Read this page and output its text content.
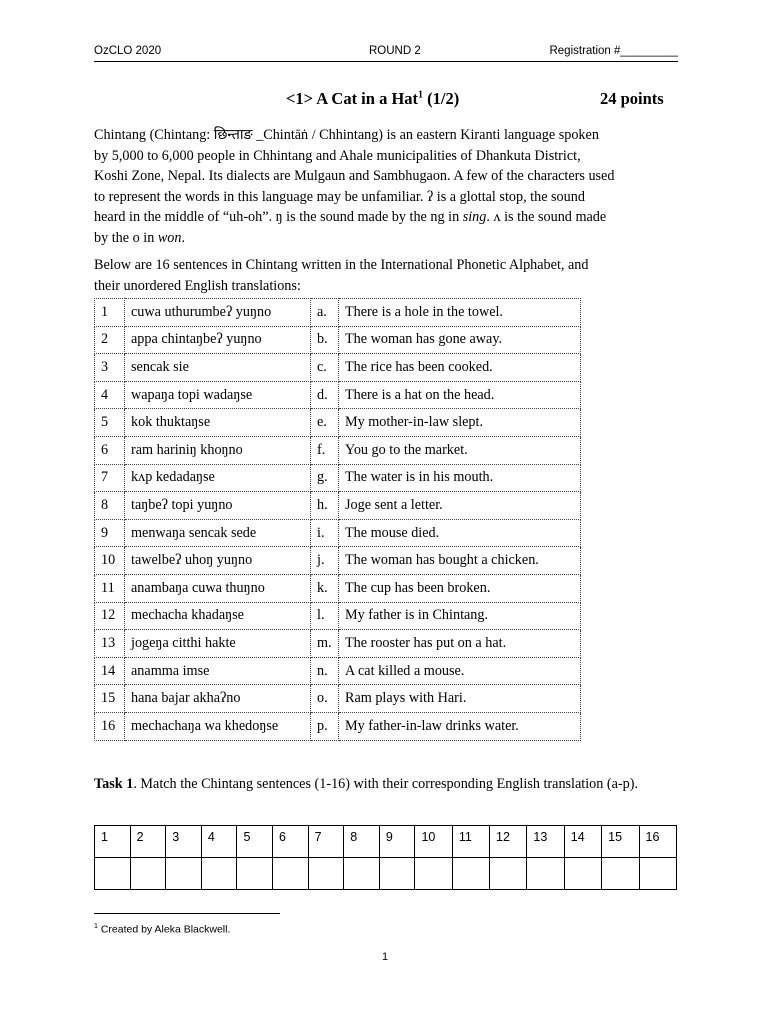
OzCLO 2020	ROUND 2	Registration #_________
<1> A Cat in a Hat$^1$ (1/2)	24 points
Chintang (Chintang: छिन्ताङ _Chintāṅ / Chhintang) is an eastern Kiranti language spoken
by 5,000 to 6,000 people in Chhintang and Ahale municipalities of Dhankuta District,
Koshi Zone, Nepal. Its dialects are Mulgaun and Sambhugaon. A few of the characters used
to represent the words in this language may be unfamiliar. ʔ is a glottal stop, the sound
heard in the middle of “uh-oh”. ŋ is the sound made by the ng in sing. ʌ is the sound made
by the o in won.
Below are 16 sentences in Chintang written in the International Phonetic Alphabet, and
their unordered English translations:
1	cuwa uthurumbeʔ yuŋno	a.	There is a hole in the towel.
2	appa chintaŋbeʔ yuŋno	b.	The woman has gone away.
3	sencak sie	c.	The rice has been cooked.
4	wapaŋa topi wadaŋse	d.	There is a hat on the head.
5	kok thuktaŋse	e.	My mother-in-law slept.
6	ram hariniŋ khoŋno	f.	You go to the market.
7	kʌp kedadaŋse	g.	The water is in his mouth.
8	taŋbeʔ topi yuŋno	h.	Joge sent a letter.
9	menwaŋa sencak sede	i.	The mouse died.
10	tawelbeʔ uhoŋ yuŋno	j.	The woman has bought a chicken.
11	anambaŋa cuwa thuŋno	k.	The cup has been broken.
12	mechacha khadaŋse	l.	My father is in Chintang.
13	jogeŋa citthi hakte	m.	The rooster has put on a hat.
14	anamma imse	n.	A cat killed a mouse.
15	hana bajar akhaʔno	o.	Ram plays with Hari.
16	mechachaŋa wa khedoŋse	p.	My father-in-law drinks water.
Task 1. Match the Chintang sentences (1-16) with their corresponding English translation (a-p).
1	2	3	4	5	6	7	8	9	10	11	12	13	14	15	16

$^1$ Created by Aleka Blackwell.
1
